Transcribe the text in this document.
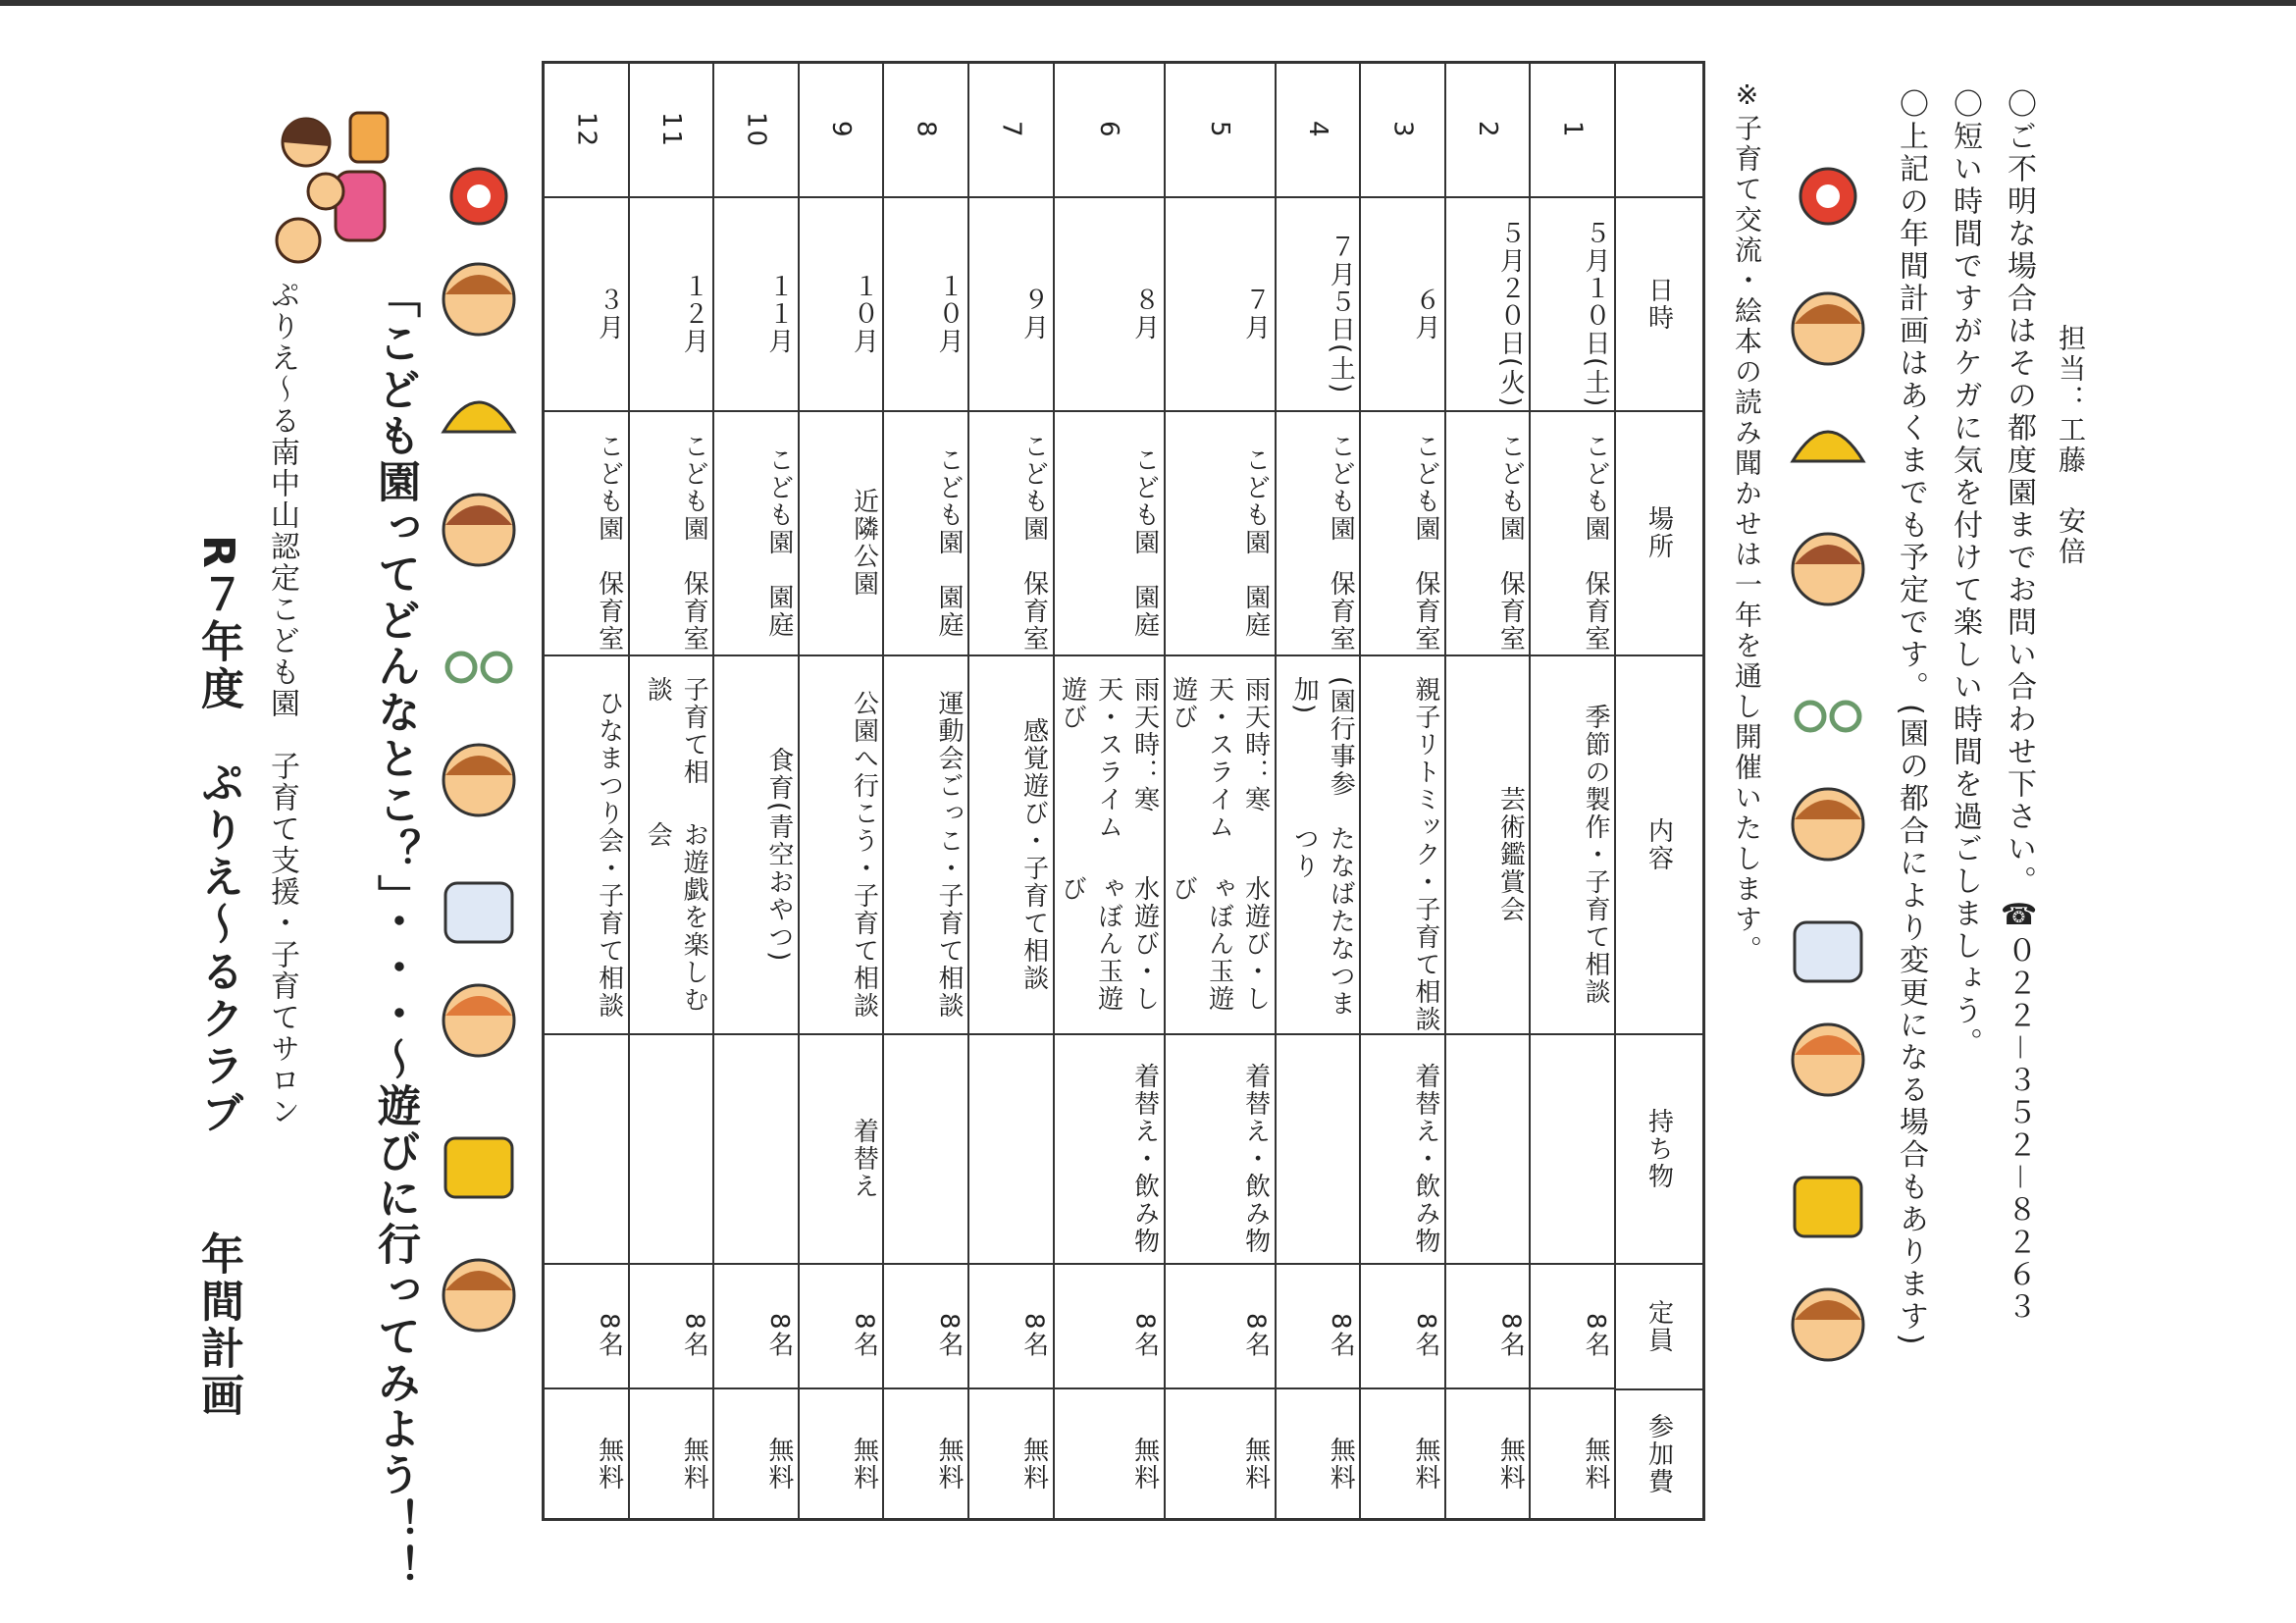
R７年度　ぷりえ～るクラブ　　年間計画 ぷりえ～る南中山認定こども園　子育て支援・子育てサロン 「こども園ってどんなとこ？」・・・〜遊びに行ってみよう！！	日時
場所
内容
持ち物
定員
参加費
1
５月１０日(土)
こども園　保育室
季節の製作・子育て相談
8名
無料
2
５月２０日(火)
こども園　保育室
芸術鑑賞会
8名
無料
3
６月
こども園　保育室
親子リトミック・子育て相談
着替え・飲み物
8名
無料
4
７月５日(土)
こども園　保育室
たなばたなつまつり
(園行事参加)
8名
無料
5
７月
こども園　園庭
水遊び・しゃぼん玉遊び
雨天時：寒天・スライム遊び
着替え・飲み物
8名
無料
6
８月
こども園　園庭
水遊び・しゃぼん玉遊び
雨天時：寒天・スライム遊び
着替え・飲み物
8名
無料
7
９月
こども園　保育室
感覚遊び・子育て相談
8名
無料
8
１０月
こども園　園庭
運動会ごっこ・子育て相談
8名
無料
9
１０月
近隣公園
公園へ行こう・子育て相談
着替え
8名
無料
10
１１月
こども園　園庭
食育(青空おやつ)
8名
無料
11
１２月
こども園　保育室
お遊戯を楽しむ会
子育て相談
8名
無料
12
３月
こども園　保育室
ひなまつり会・子育て相談
8名
無料
※子育て交流・絵本の読み聞かせは一年を通し開催いたします。	〇上記の年間計画はあくまでも予定です。(園の都合により変更になる場合もあります) 〇短い時間ですがケガに気を付けて楽しい時間を過ごしましょう。 〇ご不明な場合はその都度園までお問い合わせ下さい。☎０２２－３５２－８２６３ 担当：工藤　安倍
